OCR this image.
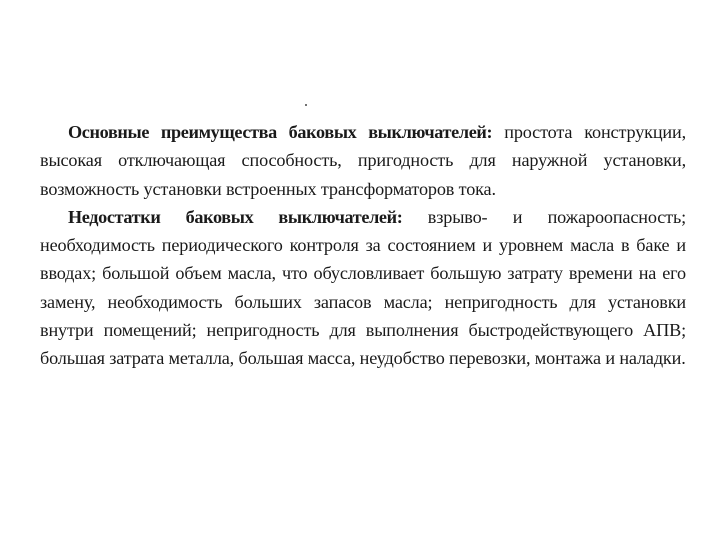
Основные преимущества баковых выключателей: простота конструкции, высокая отключающая способность, пригодность для наружной установки, возможность установки встроенных трансформаторов тока.

Недостатки баковых выключателей: взрыво- и пожароопасность; необходимость периодического контроля за состоянием и уровнем масла в баке и вводах; большой объем масла, что обусловливает большую затрату времени на его замену, необходимость больших запасов масла; непригодность для установки внутри помещений; непригодность для выполнения быстродействующего АПВ; большая затрата металла, большая масса, неудобство перевозки, монтажа и наладки.
